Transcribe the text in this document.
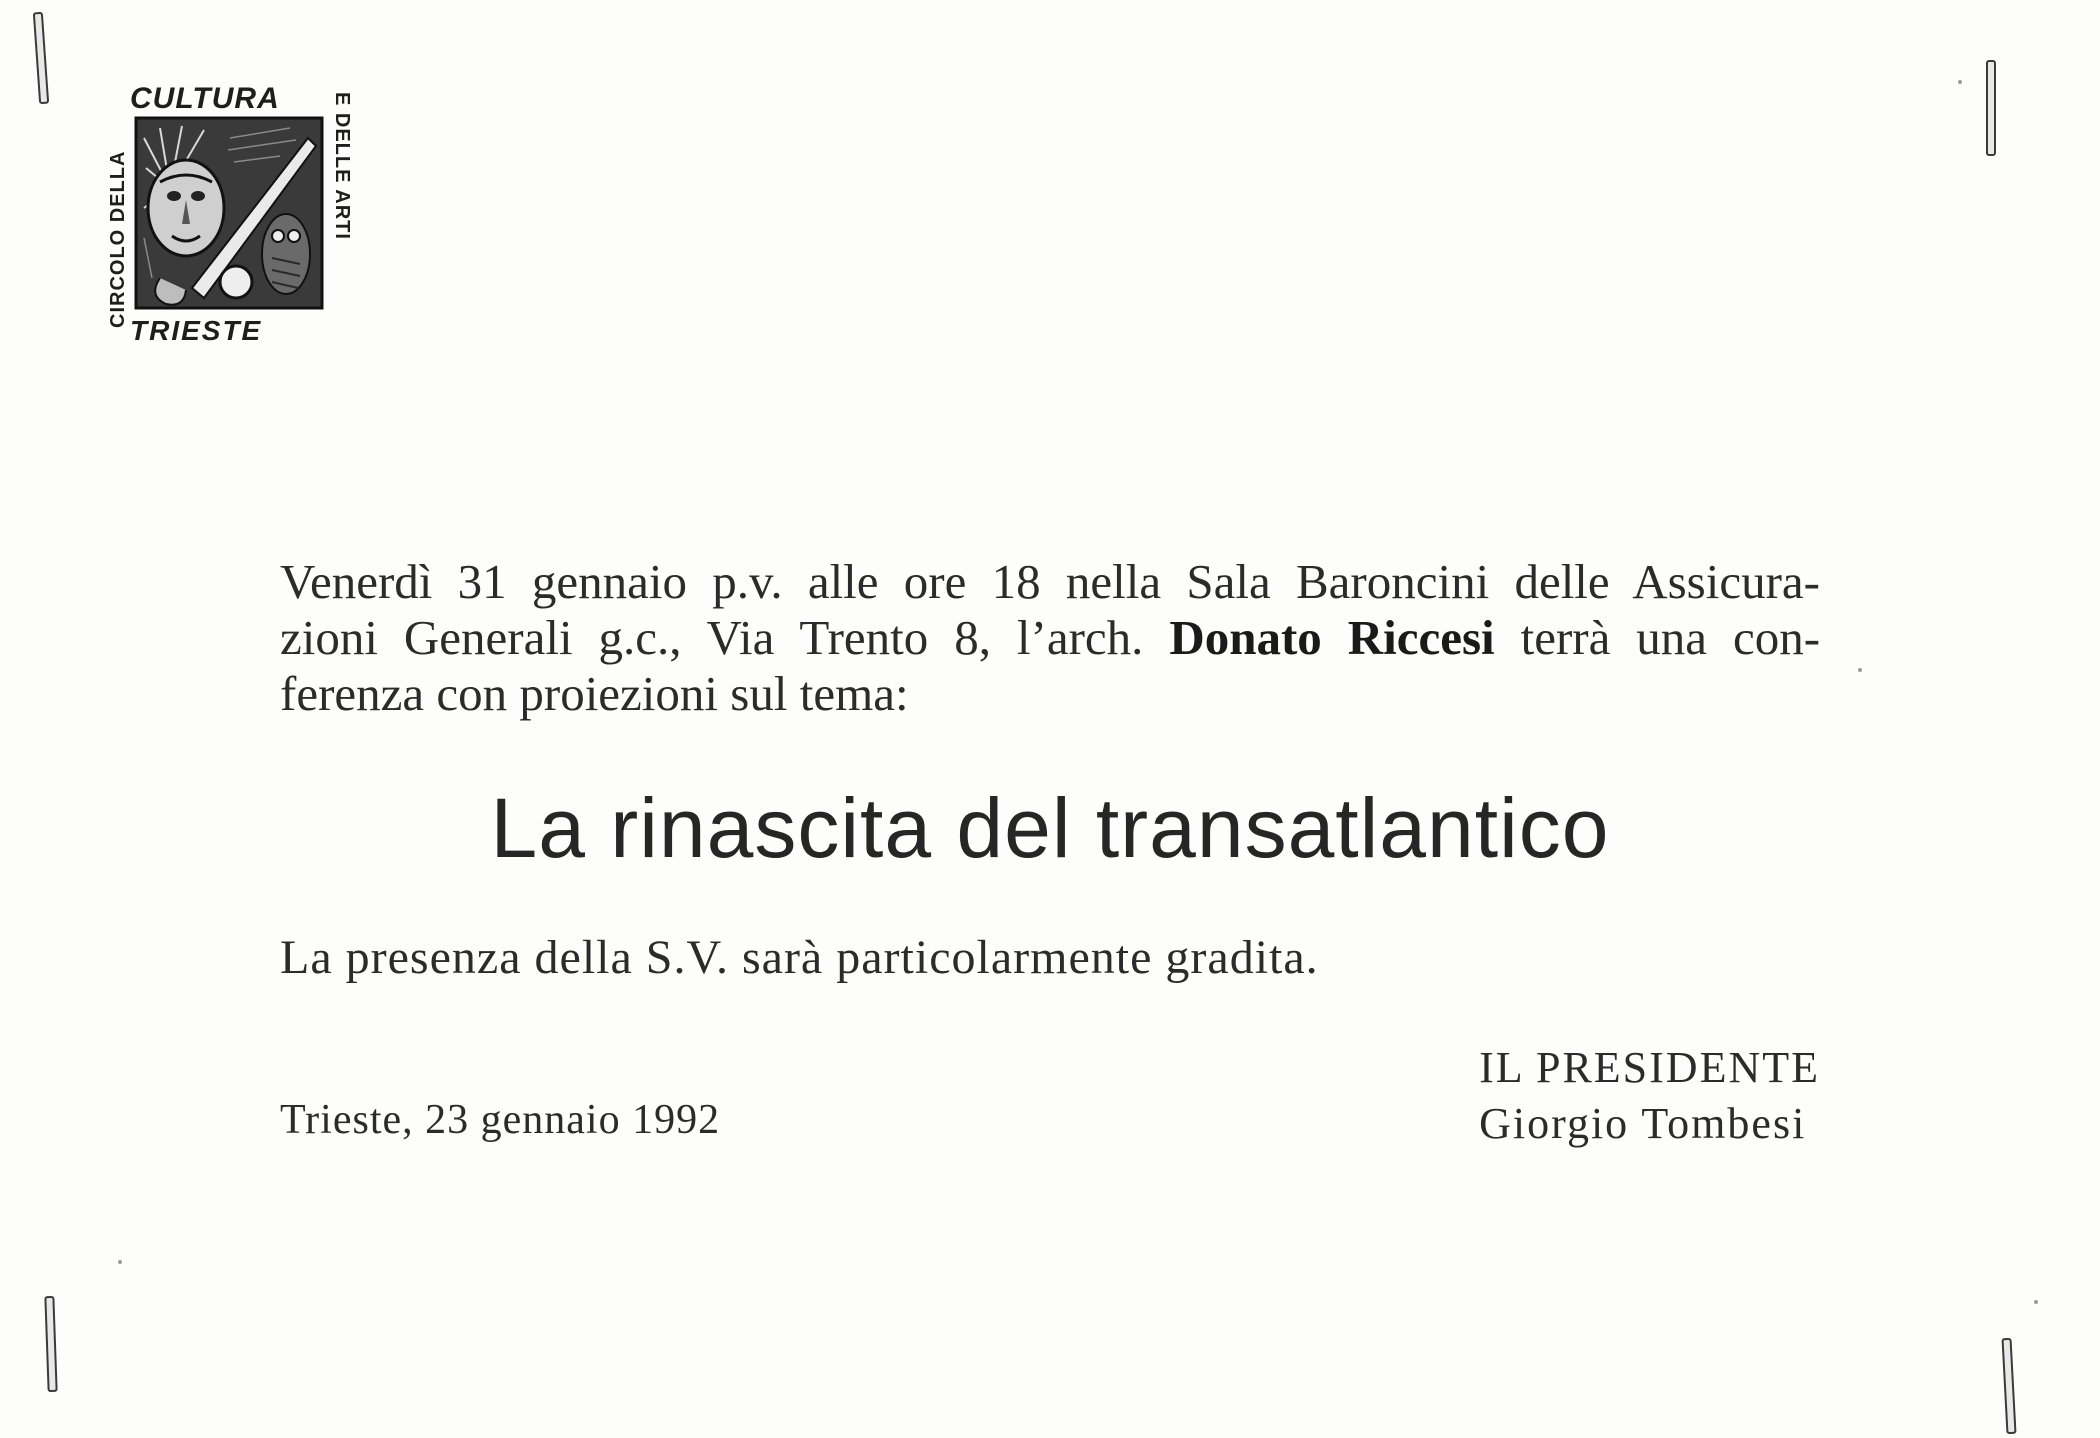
CULTURA
CIRCOLO DELLA	E DELLE ARTI
TRIESTE
Venerdì 31 gennaio p.v. alle ore 18 nella Sala Baroncini delle Assicura-
zioni Generali g.c., Via Trento 8, l’arch. Donato Riccesi terrà una con-
ferenza con proiezioni sul tema:
La rinascita del transatlantico
La presenza della S.V. sarà particolarmente gradita.
Trieste, 23 gennaio 1992
IL PRESIDENTE
Giorgio Tombesi
